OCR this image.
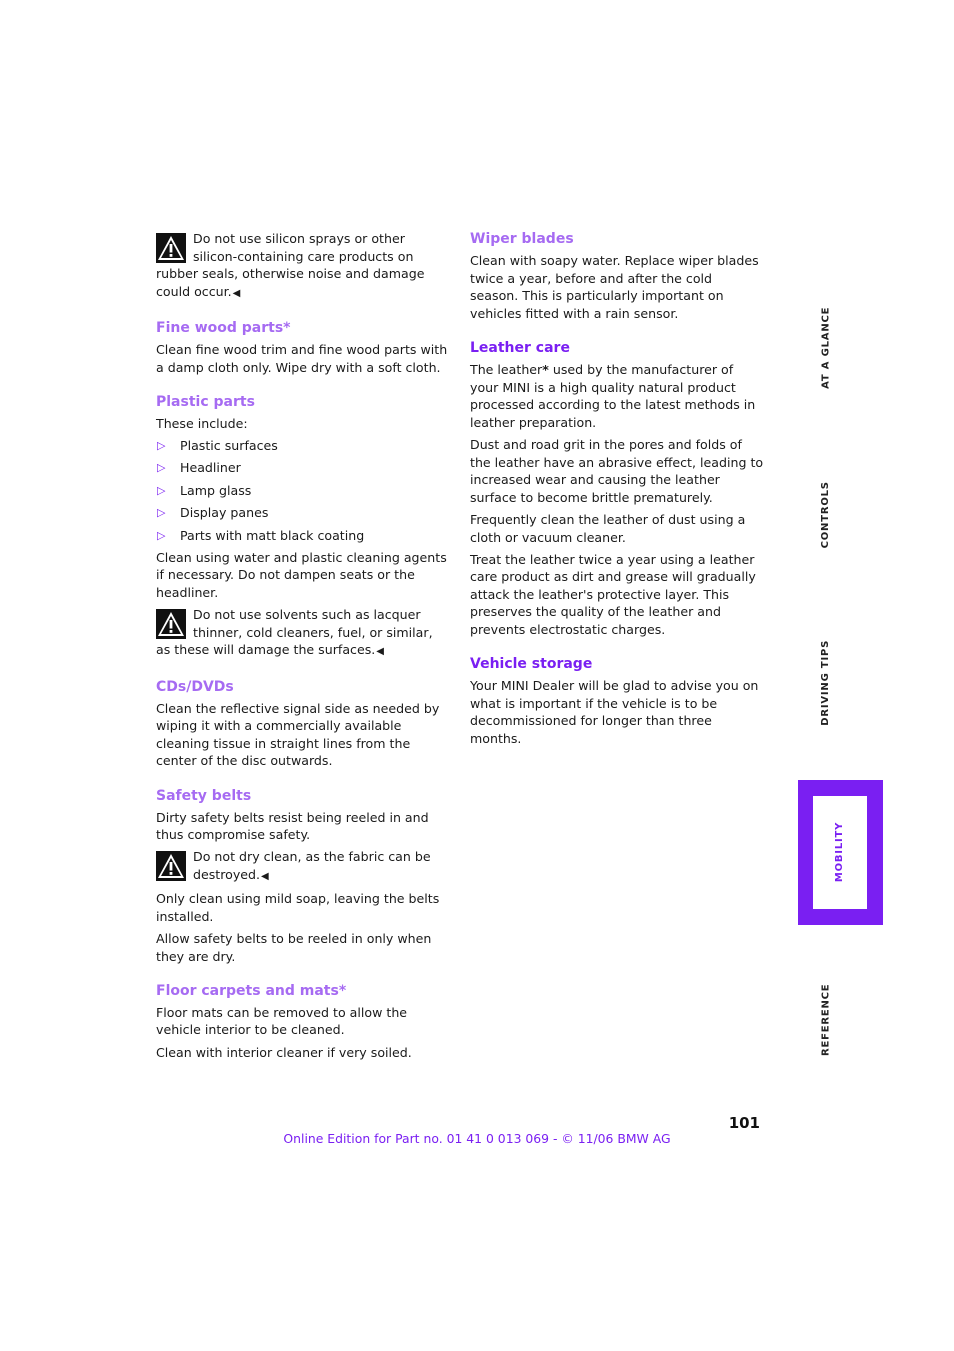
Do not use silicon sprays or other silicon-containing care products on rubber seals, otherwise noise and damage could occur.◀
Fine wood parts*

Clean fine wood trim and fine wood parts with a damp cloth only. Wipe dry with a soft cloth.

Plastic parts

These include:

▷ Plastic surfaces
▷ Headliner
▷ Lamp glass
▷ Display panes
▷ Parts with matt black coating

Clean using water and plastic cleaning agents if necessary. Do not dampen seats or the headliner.

Do not use solvents such as lacquer thinner, cold cleaners, fuel, or similar, as these will damage the surfaces.◀
CDs/DVDs

Clean the reflective signal side as needed by wiping it with a commercially available cleaning tissue in straight lines from the center of the disc outwards.

Safety belts

Dirty safety belts resist being reeled in and thus compromise safety.

Do not dry clean, as the fabric can be destroyed.◀

Only clean using mild soap, leaving the belts installed.

Allow safety belts to be reeled in only when they are dry.

Floor carpets and mats*

Floor mats can be removed to allow the vehicle interior to be cleaned.

Clean with interior cleaner if very soiled.

Wiper blades

Clean with soapy water. Replace wiper blades twice a year, before and after the cold season. This is particularly important on vehicles fitted with a rain sensor.

Leather care

The leather* used by the manufacturer of your MINI is a high quality natural product processed according to the latest methods in leather preparation.

Dust and road grit in the pores and folds of the leather have an abrasive effect, leading to increased wear and causing the leather surface to become brittle prematurely.

Frequently clean the leather of dust using a cloth or vacuum cleaner.

Treat the leather twice a year using a leather care product as dirt and grease will gradually attack the leather's protective layer. This preserves the quality of the leather and prevents electrostatic charges.

Vehicle storage

Your MINI Dealer will be glad to advise you on what is important if the vehicle is to be decommissioned for longer than three months.

AT A GLANCE
CONTROLS
DRIVING TIPS
MOBILITY
REFERENCE
101
Online Edition for Part no. 01 41 0 013 069 - © 11/06 BMW AG
